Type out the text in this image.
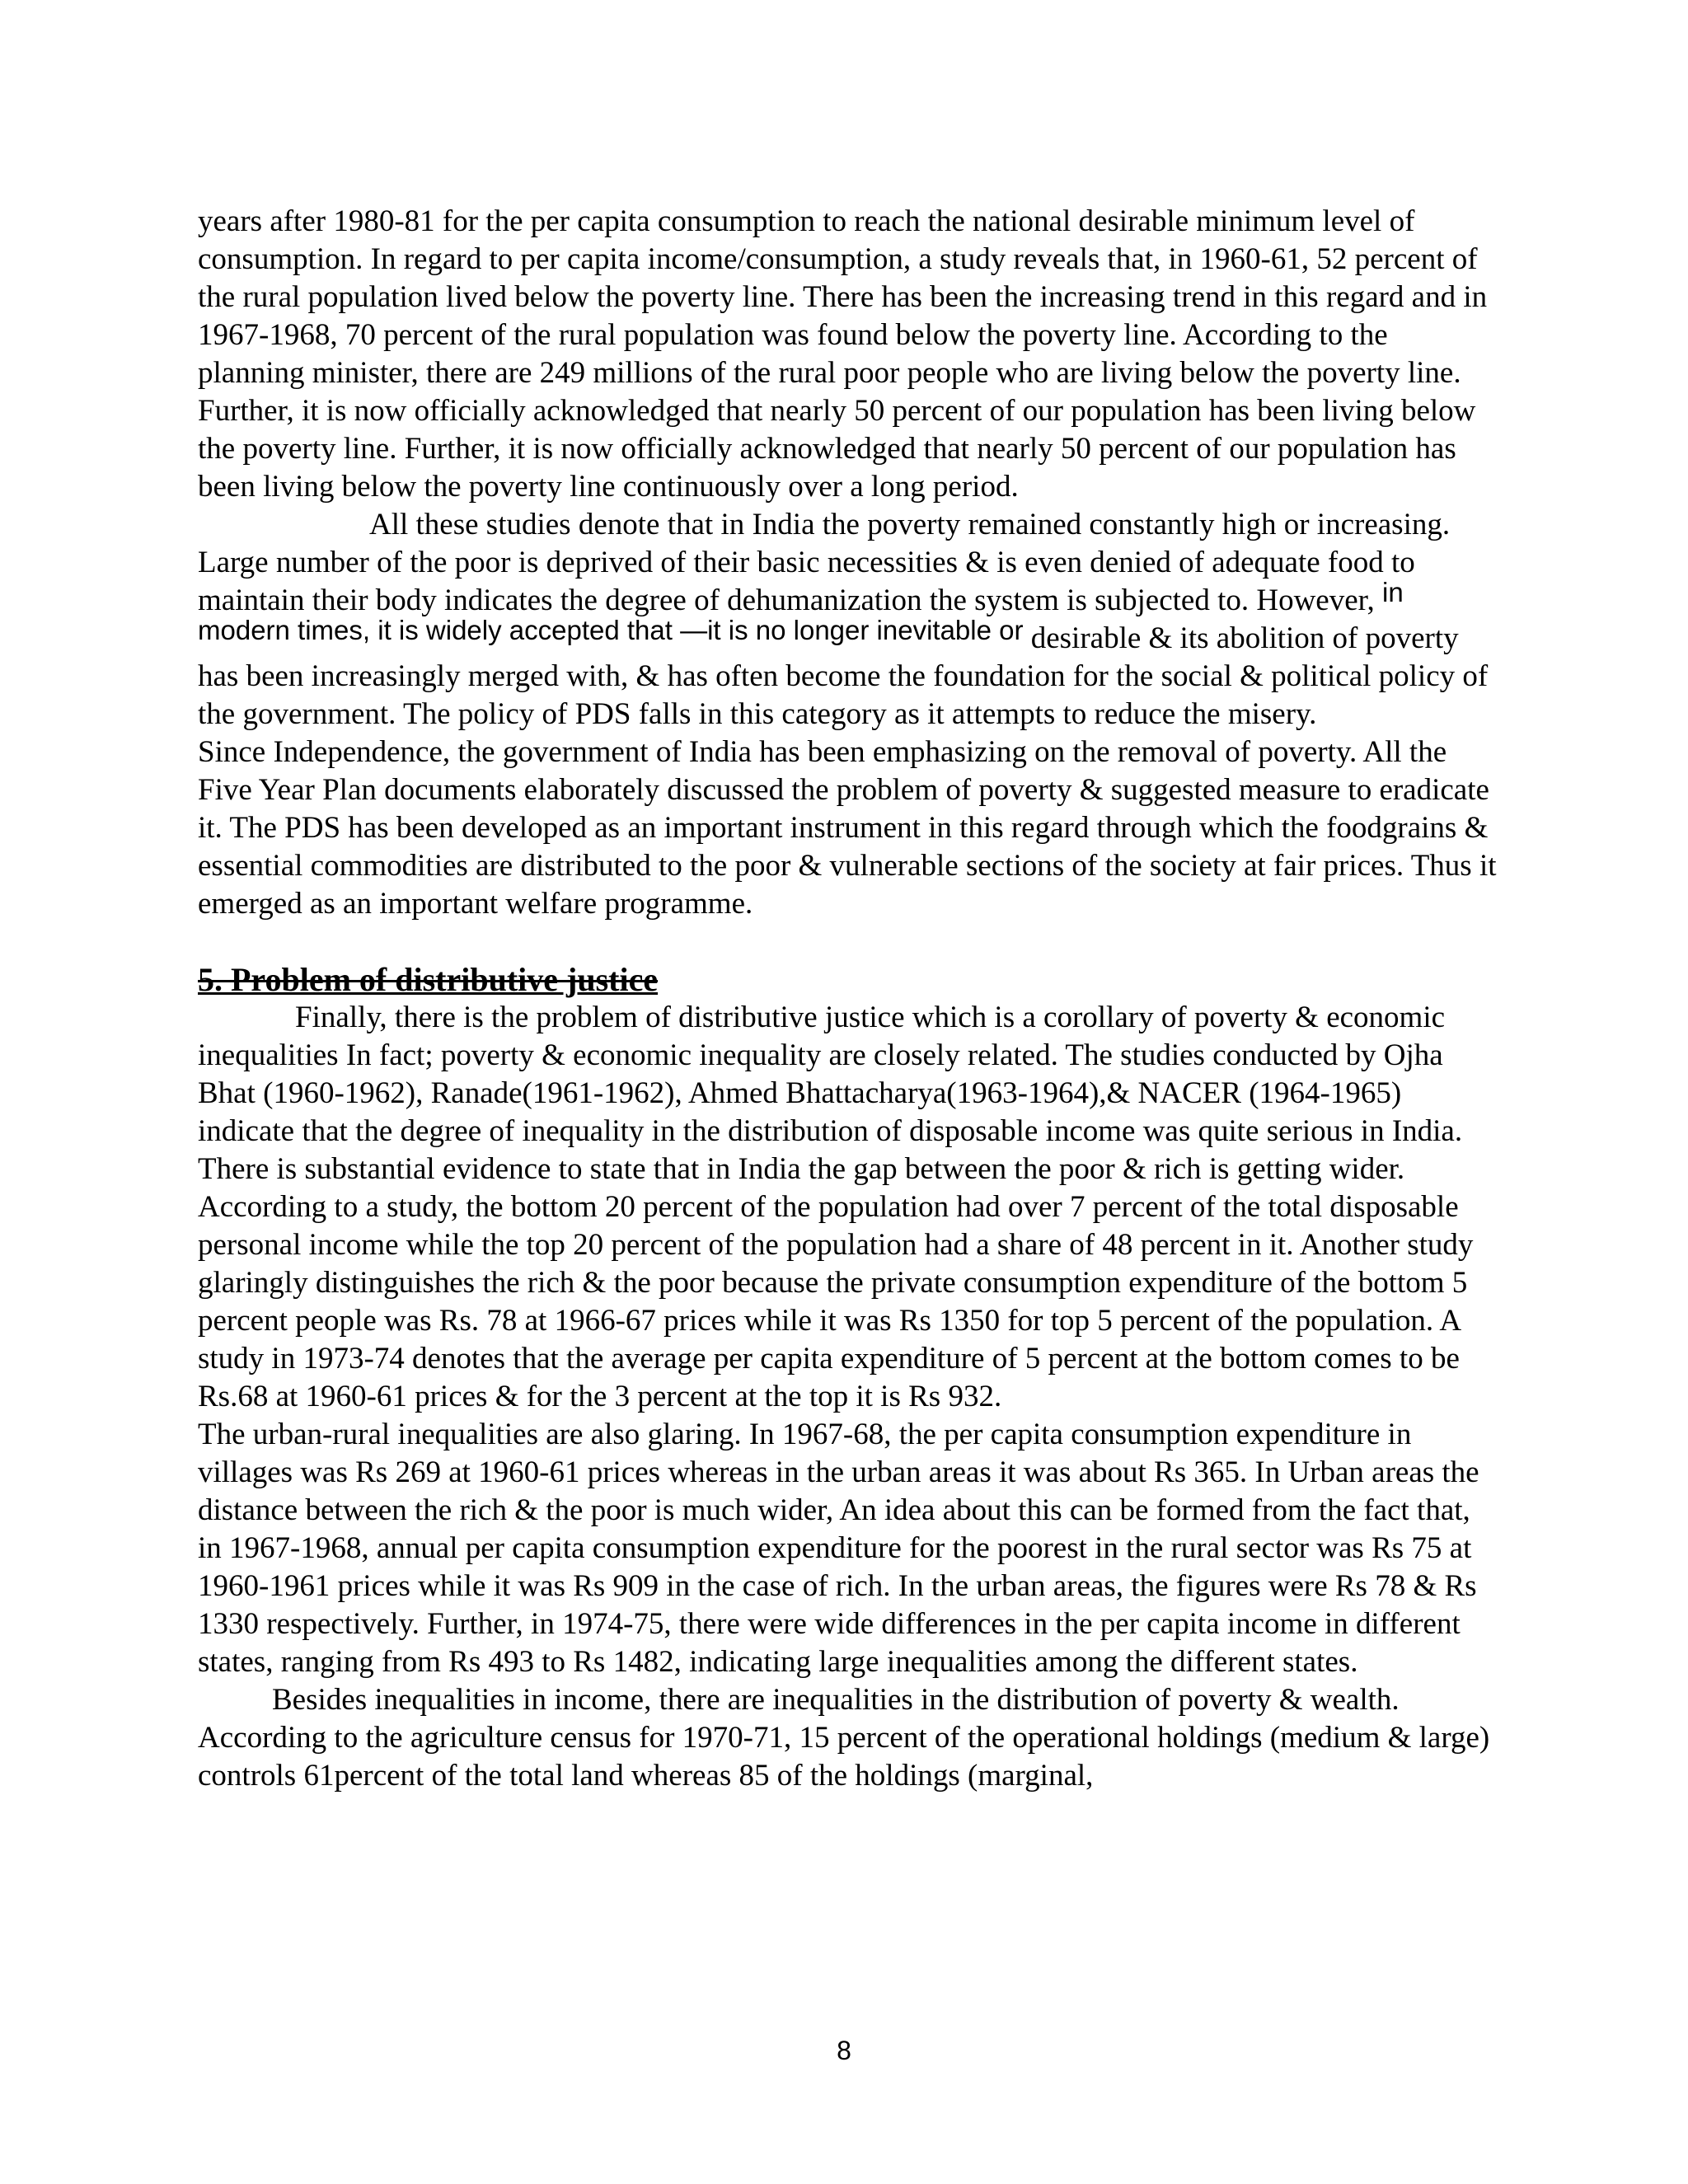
years after 1980-81 for the per capita consumption to reach the national desirable minimum level of consumption. In regard to per capita income/consumption, a study reveals that, in 1960-61, 52 percent of the rural population lived below the poverty line. There has been the increasing trend in this regard and in 1967-1968, 70 percent of the rural population was found below the poverty line. According to the planning minister, there are 249 millions of the rural poor people who are living below the poverty line. Further, it is now officially acknowledged that nearly 50 percent of our population has been living below the poverty line. Further, it is now officially acknowledged that nearly 50 percent of our population has been living below the poverty line continuously over a long period.

All these studies denote that in India the poverty remained constantly high or increasing. Large number of the poor is deprived of their basic necessities & is even denied of adequate food to maintain their body indicates the degree of dehumanization the system is subjected to. However, in modern times, it is widely accepted that ―it is no longer inevitable or desirable & its abolition of poverty has been increasingly merged with, & has often become the foundation for the social & political policy of the government. The policy of PDS falls in this category as it attempts to reduce the misery.

Since Independence, the government of India has been emphasizing on the removal of poverty. All the Five Year Plan documents elaborately discussed the problem of poverty & suggested measure to eradicate it. The PDS has been developed as an important instrument in this regard through which the foodgrains & essential commodities are distributed to the poor & vulnerable sections of the society at fair prices. Thus it emerged as an important welfare programme.

5. Problem of distributive justice

Finally, there is the problem of distributive justice which is a corollary of poverty & economic inequalities In fact; poverty & economic inequality are closely related. The studies conducted by Ojha Bhat (1960-1962), Ranade(1961-1962), Ahmed Bhattacharya(1963-1964),& NACER (1964-1965) indicate that the degree of inequality in the distribution of disposable income was quite serious in India. There is substantial evidence to state that in India the gap between the poor & rich is getting wider. According to a study, the bottom 20 percent of the population had over 7 percent of the total disposable personal income while the top 20 percent of the population had a share of 48 percent in it. Another study glaringly distinguishes the rich & the poor because the private consumption expenditure of the bottom 5 percent people was Rs. 78 at 1966-67 prices while it was Rs 1350 for top 5 percent of the population. A study in 1973-74 denotes that the average per capita expenditure of 5 percent at the bottom comes to be Rs.68 at 1960-61 prices & for the 3 percent at the top it is Rs 932.

The urban-rural inequalities are also glaring. In 1967-68, the per capita consumption expenditure in villages was Rs 269 at 1960-61 prices whereas in the urban areas it was about Rs 365. In Urban areas the distance between the rich & the poor is much wider, An idea about this can be formed from the fact that, in 1967-1968, annual per capita consumption expenditure for the poorest in the rural sector was Rs 75 at 1960-1961 prices while it was Rs 909 in the case of rich. In the urban areas, the figures were Rs 78 & Rs 1330 respectively. Further, in 1974-75, there were wide differences in the per capita income in different states, ranging from Rs 493 to Rs 1482, indicating large inequalities among the different states.

Besides inequalities in income, there are inequalities in the distribution of poverty & wealth. According to the agriculture census for 1970-71, 15 percent of the operational holdings (medium & large) controls 61percent of the total land whereas 85 of the holdings (marginal,

8
